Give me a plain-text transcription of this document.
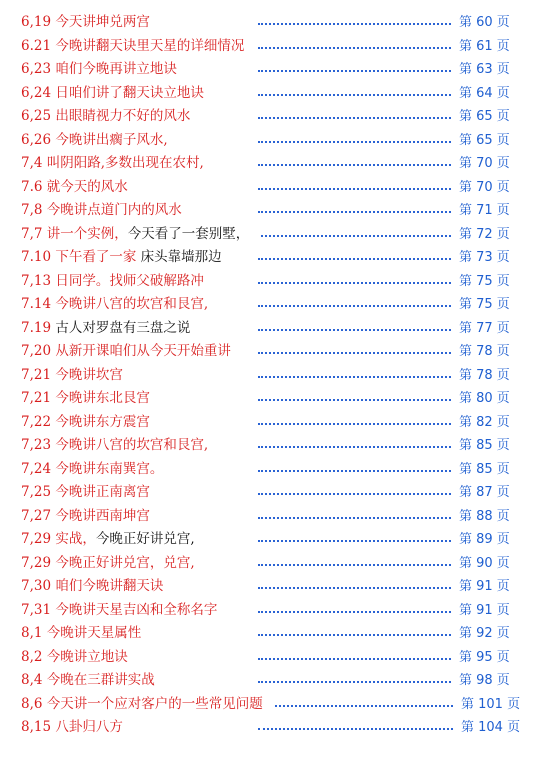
6,19 今天讲坤兑两宫	第 60 页
6.21 今晚讲翻天诀里天星的详细情况	第 61 页
6,23 咱们今晚再讲立地诀	第 63 页
6,24 日咱们讲了翻天诀立地诀	第 64 页
6,25 出眼睛视力不好的风水	第 65 页
6,26 今晚讲出瘸子风水,	第 65 页
7,4 叫阴阳路,多数出现在农村,	第 70 页
7.6 就今天的风水	第 70 页
7,8 今晚讲点道门内的风水	第 71 页
7,7 讲一个实例，今天看了一套别墅，	第 72 页
7.10 下午看了一家 床头靠墙那边	第 73 页
7,13 日同学。找师父破解路冲	第 75 页
7.14 今晚讲八宫的坎宫和艮宫,	第 75 页
7.19 古人对罗盘有三盘之说	第 77 页
7,20 从新开课咱们从今天开始重讲	第 78 页
7,21 今晚讲坎宫	第 78 页
7,21 今晚讲东北艮宫	第 80 页
7,22 今晚讲东方震宫	第 82 页
7,23 今晚讲八宫的坎宫和艮宫,	第 85 页
7,24 今晚讲东南巽宫。	第 85 页
7,25 今晚讲正南离宫	第 87 页
7,27 今晚讲西南坤宫	第 88 页
7,29 实战，今晚正好讲兑宫,	第 89 页
7,29 今晚正好讲兑宫，兑宫,	第 90 页
7,30 咱们今晚讲翻天诀	第 91 页
7,31 今晚讲天星吉凶和全称名字	第 91 页
8,1 今晚讲天星属性	第 92 页
8,2 今晚讲立地诀	第 95 页
8,4 今晚在三群讲实战	第 98 页
8,6 今天讲一个应对客户的一些常见问题	第 101 页
8,15 八卦归八方	第 104 页
